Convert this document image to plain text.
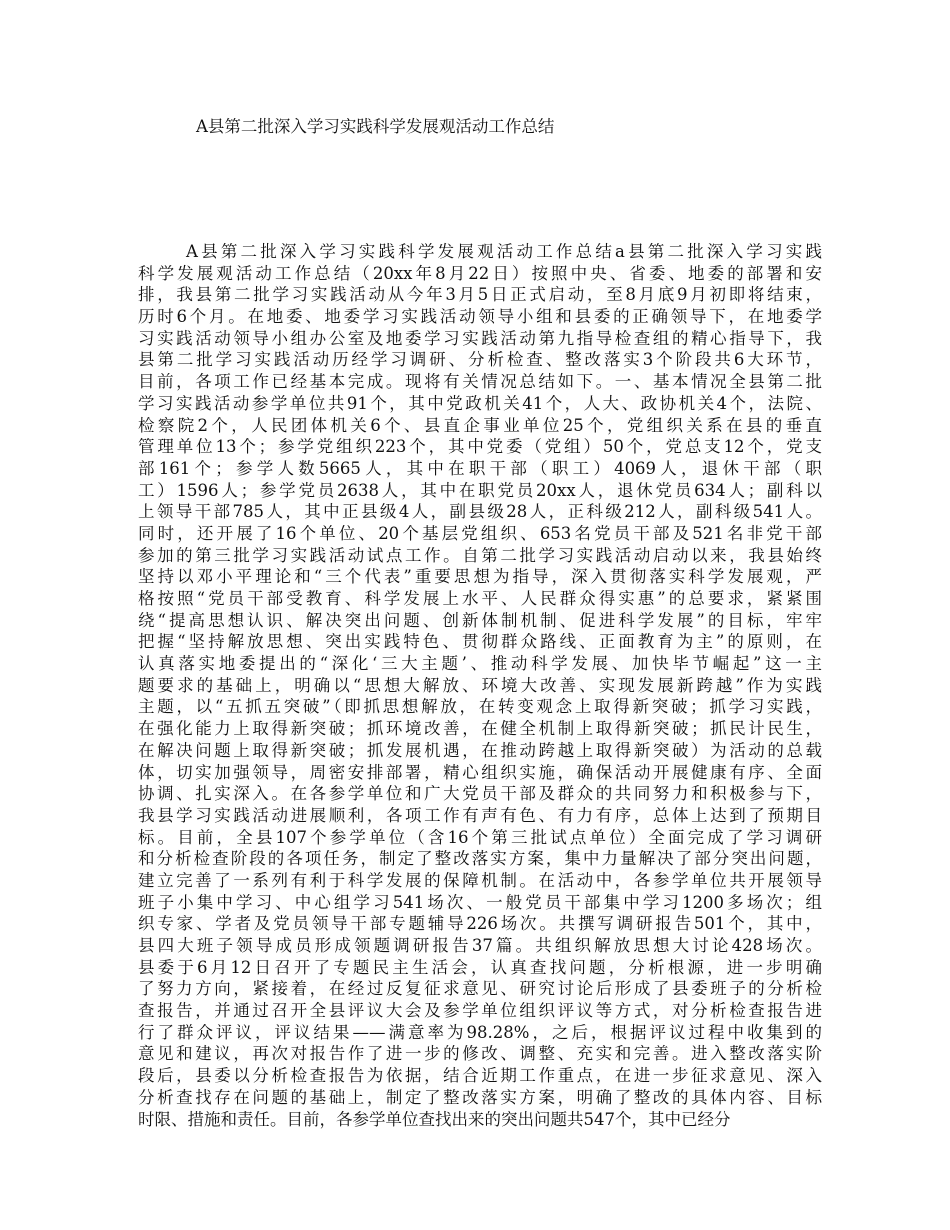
A县第二批深入学习实践科学发展观活动工作总结
A县第二批深入学习实践科学发展观活动工作总结a县第二批深入学习实践
科学发展观活动工作总结（20xx年8月22日）按照中央、省委、地委的部署和安
排，我县第二批学习实践活动从今年3月5日正式启动，至8月底9月初即将结束，
历时6个月。在地委、地委学习实践活动领导小组和县委的正确领导下，在地委学
习实践活动领导小组办公室及地委学习实践活动第九指导检查组的精心指导下，我
县第二批学习实践活动历经学习调研、分析检查、整改落实3个阶段共6大环节，
目前，各项工作已经基本完成。现将有关情况总结如下。一、基本情况全县第二批
学习实践活动参学单位共91个，其中党政机关41个，人大、政协机关4个，法院、
检察院2个，人民团体机关6个、县直企事业单位25个，党组织关系在县的垂直
管理单位13个；参学党组织223个，其中党委（党组）50个，党总支12个，党支
部161个；参学人数5665人，其中在职干部（职工）4069人，退休干部（职
工）1596人；参学党员2638人，其中在职党员20xx人，退休党员634人；副科以
上领导干部785人，其中正县级4人，副县级28人，正科级212人，副科级541人。
同时，还开展了16个单位、20个基层党组织、653名党员干部及521名非党干部
参加的第三批学习实践活动试点工作。自第二批学习实践活动启动以来，我县始终
坚持以邓小平理论和“三个代表”重要思想为指导，深入贯彻落实科学发展观，严
格按照“党员干部受教育、科学发展上水平、人民群众得实惠”的总要求，紧紧围
绕“提高思想认识、解决突出问题、创新体制机制、促进科学发展”的目标，牢牢
把握“坚持解放思想、突出实践特色、贯彻群众路线、正面教育为主”的原则，在
认真落实地委提出的“深化‘三大主题’、推动科学发展、加快毕节崛起”这一主
题要求的基础上，明确以“思想大解放、环境大改善、实现发展新跨越”作为实践
主题，以“五抓五突破”（即抓思想解放，在转变观念上取得新突破；抓学习实践，
在强化能力上取得新突破；抓环境改善，在健全机制上取得新突破；抓民计民生，
在解决问题上取得新突破；抓发展机遇，在推动跨越上取得新突破）为活动的总载
体，切实加强领导，周密安排部署，精心组织实施，确保活动开展健康有序、全面
协调、扎实深入。在各参学单位和广大党员干部及群众的共同努力和积极参与下，
我县学习实践活动进展顺利，各项工作有声有色、有力有序，总体上达到了预期目
标。目前，全县107个参学单位（含16个第三批试点单位）全面完成了学习调研
和分析检查阶段的各项任务，制定了整改落实方案，集中力量解决了部分突出问题，
建立完善了一系列有利于科学发展的保障机制。在活动中，各参学单位共开展领导
班子小集中学习、中心组学习541场次、一般党员干部集中学习1200多场次；组
织专家、学者及党员领导干部专题辅导226场次。共撰写调研报告501个，其中，
县四大班子领导成员形成领题调研报告37篇。共组织解放思想大讨论428场次。
县委于6月12日召开了专题民主生活会，认真查找问题，分析根源，进一步明确
了努力方向，紧接着，在经过反复征求意见、研究讨论后形成了县委班子的分析检
查报告，并通过召开全县评议大会及参学单位组织评议等方式，对分析检查报告进
行了群众评议，评议结果——满意率为98.28%，之后，根据评议过程中收集到的
意见和建议，再次对报告作了进一步的修改、调整、充实和完善。进入整改落实阶
段后，县委以分析检查报告为依据，结合近期工作重点，在进一步征求意见、深入
分析查找存在问题的基础上，制定了整改落实方案，明确了整改的具体内容、目标
时限、措施和责任。目前，各参学单位查找出来的突出问题共547个，其中已经分
